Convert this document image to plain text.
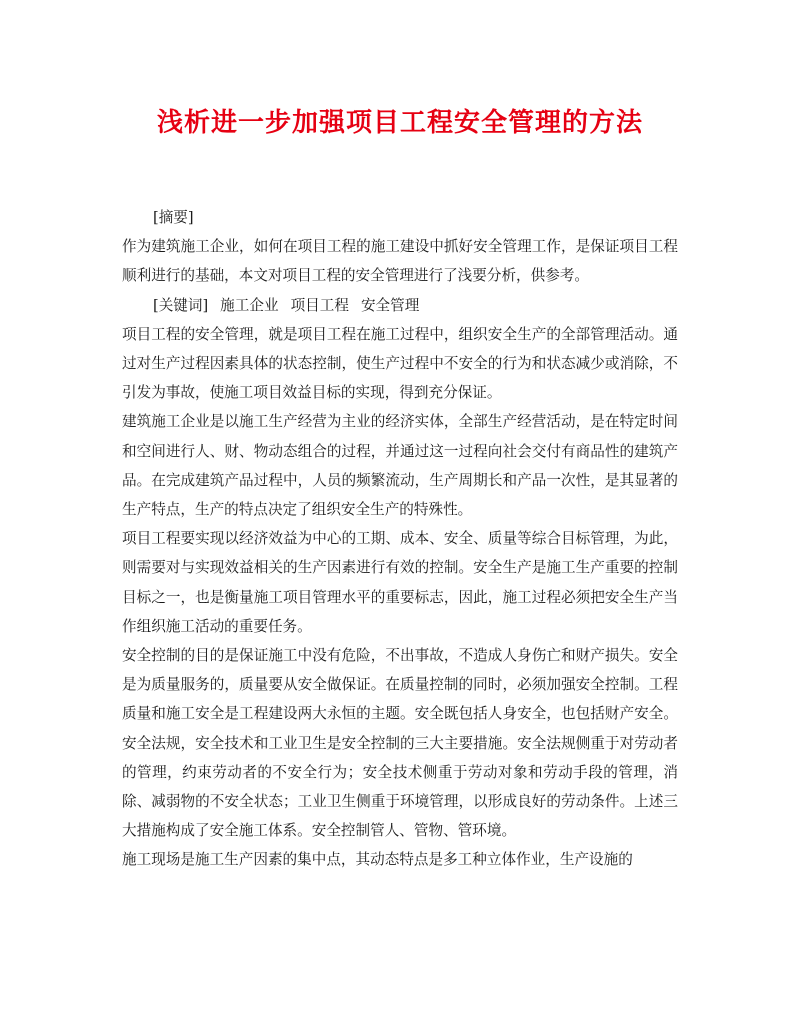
浅析进一步加强项目工程安全管理的方法

[摘要]

作为建筑施工企业，如何在项目工程的施工建设中抓好安全管理工作，是保证项目工程顺利进行的基础，本文对项目工程的安全管理进行了浅要分析，供参考。

[关键词] 施工企业 项目工程 安全管理

项目工程的安全管理，就是项目工程在施工过程中，组织安全生产的全部管理活动。通过对生产过程因素具体的状态控制，使生产过程中不安全的行为和状态减少或消除，不引发为事故，使施工项目效益目标的实现，得到充分保证。

建筑施工企业是以施工生产经营为主业的经济实体，全部生产经营活动，是在特定时间和空间进行人、财、物动态组合的过程，并通过这一过程向社会交付有商品性的建筑产品。在完成建筑产品过程中，人员的频繁流动，生产周期长和产品一次性，是其显著的生产特点，生产的特点决定了组织安全生产的特殊性。

项目工程要实现以经济效益为中心的工期、成本、安全、质量等综合目标管理，为此，则需要对与实现效益相关的生产因素进行有效的控制。安全生产是施工生产重要的控制目标之一，也是衡量施工项目管理水平的重要标志，因此，施工过程必须把安全生产当作组织施工活动的重要任务。

安全控制的目的是保证施工中没有危险，不出事故，不造成人身伤亡和财产损失。安全是为质量服务的，质量要从安全做保证。在质量控制的同时，必须加强安全控制。工程质量和施工安全是工程建设两大永恒的主题。安全既包括人身安全，也包括财产安全。安全法规，安全技术和工业卫生是安全控制的三大主要措施。安全法规侧重于对劳动者的管理，约束劳动者的不安全行为；安全技术侧重于劳动对象和劳动手段的管理，消除、减弱物的不安全状态；工业卫生侧重于环境管理，以形成良好的劳动条件。上述三大措施构成了安全施工体系。安全控制管人、管物、管环境。

施工现场是施工生产因素的集中点，其动态特点是多工种立体作业，生产设施的
